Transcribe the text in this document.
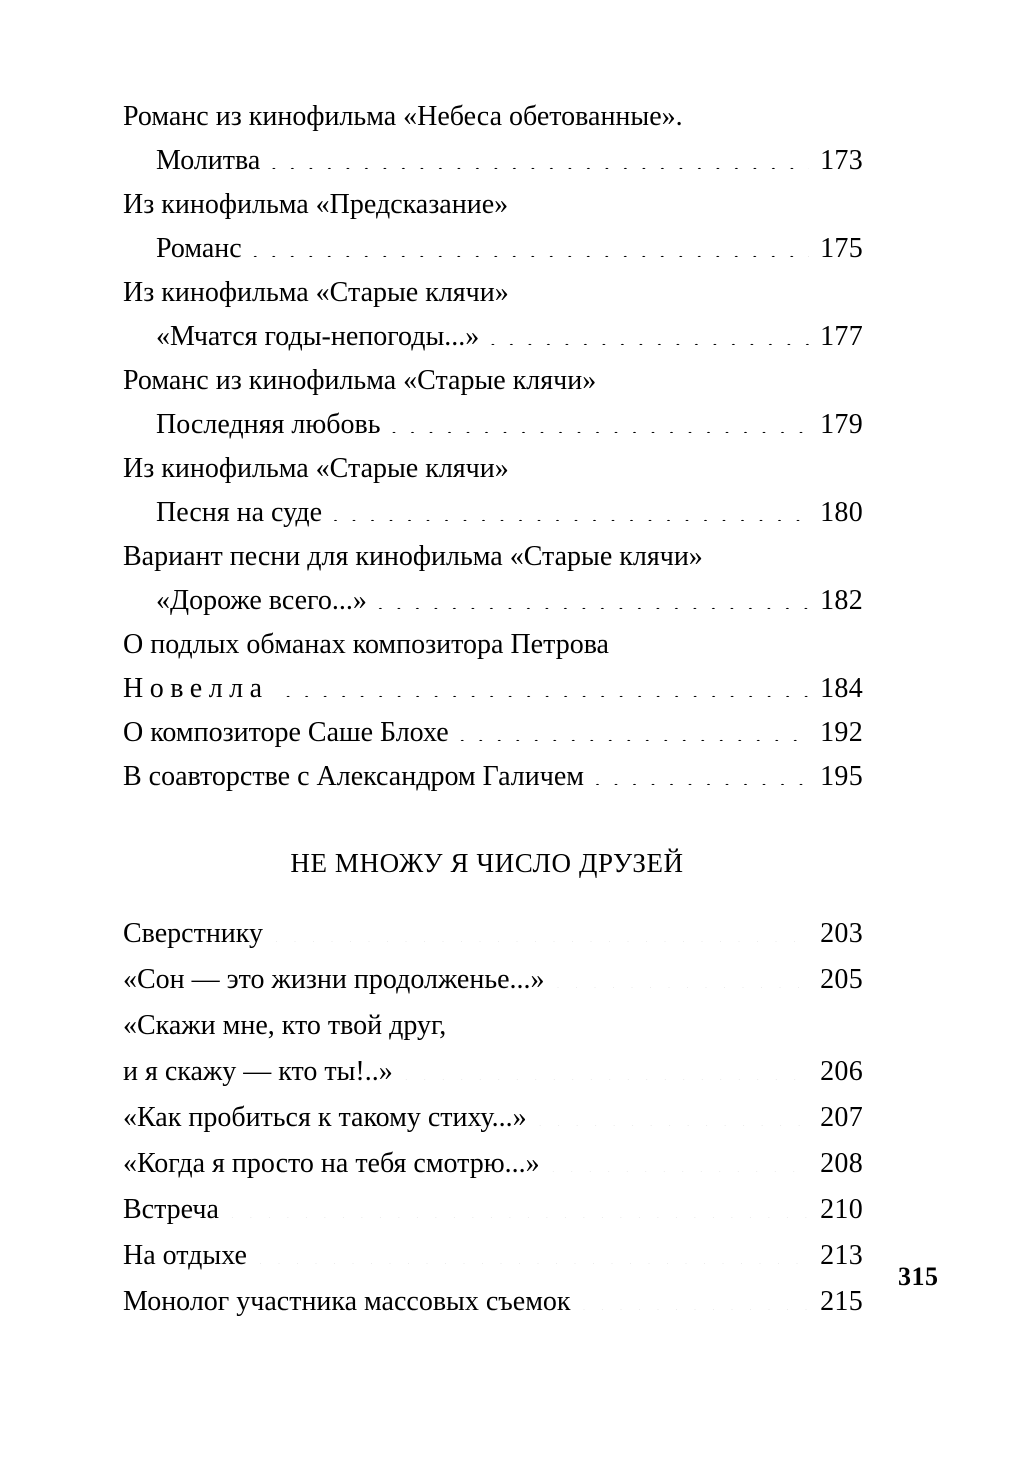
Романс из кинофильма «Небеса обетованные».
Молитва .....	173
Из кинофильма «Предсказание»
Романс .....	175
Из кинофильма «Старые клячи»
«Мчатся годы-непогоды...» .....	177
Романс из кинофильма «Старые клячи»
Последняя любовь .....	179
Из кинофильма «Старые клячи»
Песня на суде .....	180
Вариант песни для кинофильма «Старые клячи»
«Дороже всего...» .....	182
О подлых обманах композитора Петрова
Новелла .....	184
О композиторе Саше Блохе .....	192
В соавторстве с Александром Галичем .....	195
НЕ МНОЖУ Я ЧИСЛО ДРУЗЕЙ
Сверстнику .....	203
«Сон — это жизни продолженье...» .....	205
«Скажи мне, кто твой друг,
и я скажу — кто ты!..» .....	206
«Как пробиться к такому стиху...» .....	207
«Когда я просто на тебя смотрю...» .....	208
Встреча .....	210
На отдыхе .....	213
Монолог участника массовых съемок .....	215
315
